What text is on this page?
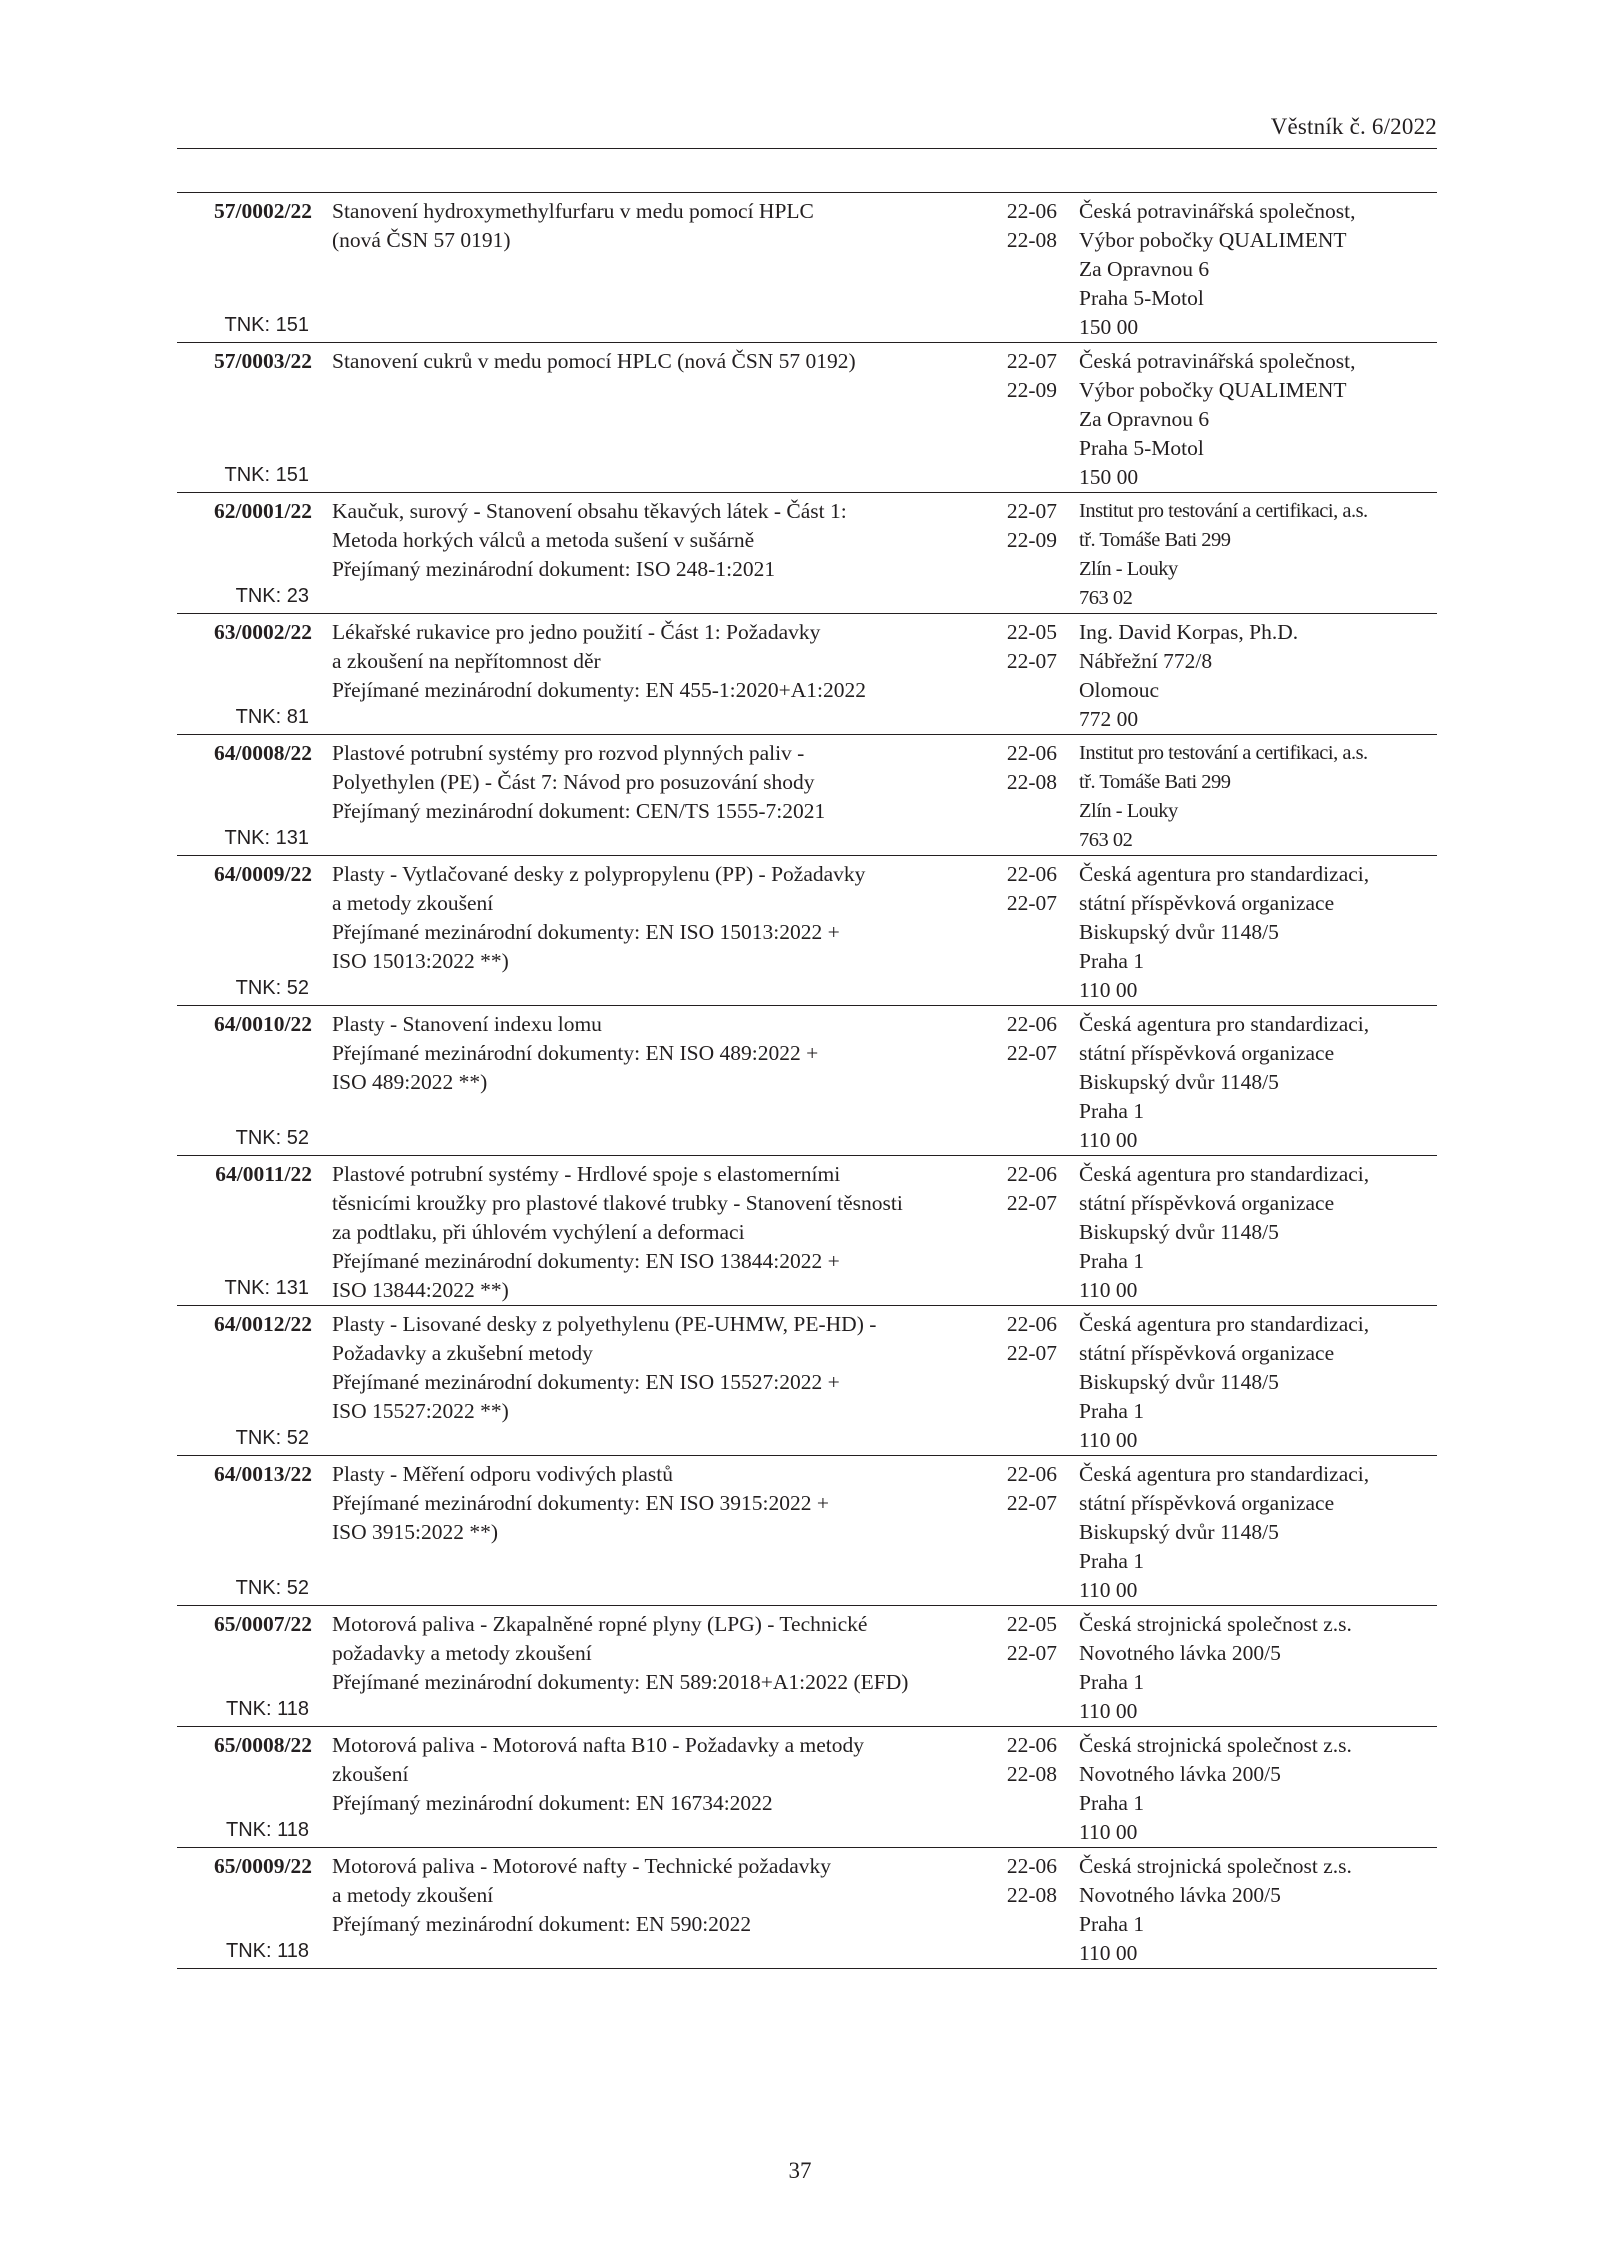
Věstník č. 6/2022
57/0002/22
TNK: 151
Stanovení hydroxymethylfurfaru v medu pomocí HPLC
(nová ČSN 57 0191)
22-06
22-08
Česká potravinářská společnost,
Výbor pobočky QUALIMENT
Za Opravnou 6
Praha 5-Motol
150 00
57/0003/22
TNK: 151
Stanovení cukrů v medu pomocí HPLC (nová ČSN 57 0192)	22-07
22-09
Česká potravinářská společnost,
Výbor pobočky QUALIMENT
Za Opravnou 6
Praha 5-Motol
150 00
62/0001/22
TNK: 23
Kaučuk, surový - Stanovení obsahu těkavých látek - Část 1:
Metoda horkých válců a metoda sušení v sušárně
Přejímaný mezinárodní dokument: ISO 248-1:2021
22-07
22-09
Institut pro testování a certifikaci, a.s.
tř. Tomáše Bati 299
Zlín - Louky
763 02
63/0002/22
TNK: 81
Lékařské rukavice pro jedno použití - Část 1: Požadavky
a zkoušení na nepřítomnost děr
Přejímané mezinárodní dokumenty: EN 455-1:2020+A1:2022
22-05
22-07
Ing. David Korpas, Ph.D.
Nábřežní 772/8
Olomouc
772 00
64/0008/22
TNK: 131
Plastové potrubní systémy pro rozvod plynných paliv -
Polyethylen (PE) - Část 7: Návod pro posuzování shody
Přejímaný mezinárodní dokument: CEN/TS 1555-7:2021
22-06
22-08
Institut pro testování a certifikaci, a.s.
tř. Tomáše Bati 299
Zlín - Louky
763 02
64/0009/22
TNK: 52
Plasty - Vytlačované desky z polypropylenu (PP) - Požadavky
a metody zkoušení
Přejímané mezinárodní dokumenty: EN ISO 15013:2022 +
ISO 15013:2022 **)
22-06
22-07
Česká agentura pro standardizaci,
státní příspěvková organizace
Biskupský dvůr 1148/5
Praha 1
110 00
64/0010/22
TNK: 52
Plasty - Stanovení indexu lomu
Přejímané mezinárodní dokumenty: EN ISO 489:2022 +
ISO 489:2022 **)
22-06
22-07
Česká agentura pro standardizaci,
státní příspěvková organizace
Biskupský dvůr 1148/5
Praha 1
110 00
64/0011/22
TNK: 131
Plastové potrubní systémy - Hrdlové spoje s elastomerními
těsnicími kroužky pro plastové tlakové trubky - Stanovení těsnosti
za podtlaku, při úhlovém vychýlení a deformaci
Přejímané mezinárodní dokumenty: EN ISO 13844:2022 +
ISO 13844:2022 **)
22-06
22-07
Česká agentura pro standardizaci,
státní příspěvková organizace
Biskupský dvůr 1148/5
Praha 1
110 00
64/0012/22
TNK: 52
Plasty - Lisované desky z polyethylenu (PE-UHMW, PE-HD) -
Požadavky a zkušební metody
Přejímané mezinárodní dokumenty: EN ISO 15527:2022 +
ISO 15527:2022 **)
22-06
22-07
Česká agentura pro standardizaci,
státní příspěvková organizace
Biskupský dvůr 1148/5
Praha 1
110 00
64/0013/22
TNK: 52
Plasty - Měření odporu vodivých plastů
Přejímané mezinárodní dokumenty: EN ISO 3915:2022 +
ISO 3915:2022 **)
22-06
22-07
Česká agentura pro standardizaci,
státní příspěvková organizace
Biskupský dvůr 1148/5
Praha 1
110 00
65/0007/22
TNK: 118
Motorová paliva - Zkapalněné ropné plyny (LPG) - Technické
požadavky a metody zkoušení
Přejímané mezinárodní dokumenty: EN 589:2018+A1:2022 (EFD)
22-05
22-07
Česká strojnická společnost z.s.
Novotného lávka 200/5
Praha 1
110 00
65/0008/22
TNK: 118
Motorová paliva - Motorová nafta B10 - Požadavky a metody
zkoušení
Přejímaný mezinárodní dokument: EN 16734:2022
22-06
22-08
Česká strojnická společnost z.s.
Novotného lávka 200/5
Praha 1
110 00
65/0009/22
TNK: 118
Motorová paliva - Motorové nafty - Technické požadavky
a metody zkoušení
Přejímaný mezinárodní dokument: EN 590:2022
22-06
22-08
Česká strojnická společnost z.s.
Novotného lávka 200/5
Praha 1
110 00
37
